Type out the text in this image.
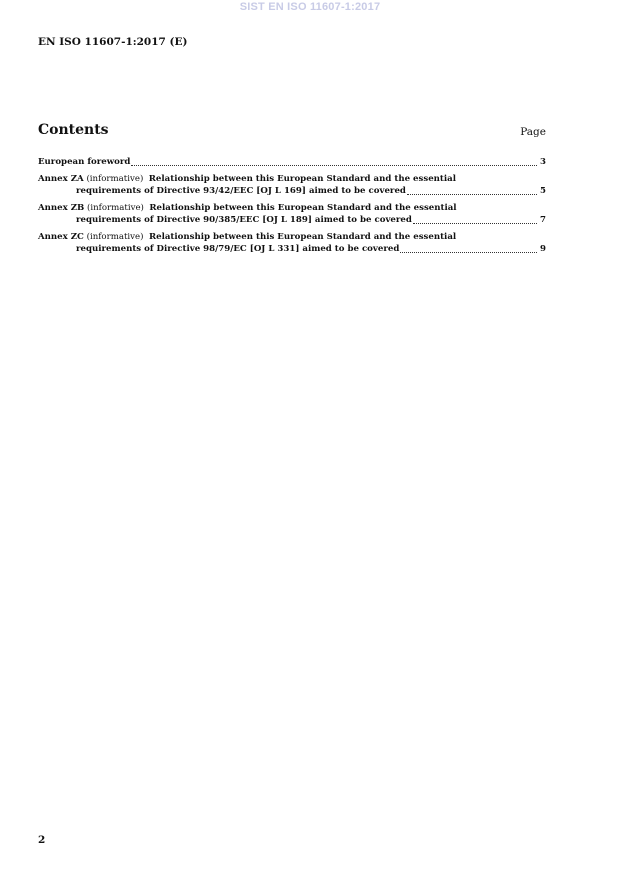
SIST EN ISO 11607-1:2017
EN ISO 11607-1:2017 (E)
Contents	Page
European foreword	3
Annex ZA
(informative)
Relationship between this European Standard and the essential
requirements of Directive 93/42/EEC [OJ L 169] aimed to be covered	5
Annex ZB
(informative)
Relationship between this European Standard and the essential
requirements of Directive 90/385/EEC [OJ L 189] aimed to be covered	7
Annex ZC
(informative)
Relationship between this European Standard and the essential
requirements of Directive 98/79/EC [OJ L 331] aimed to be covered	9
2
